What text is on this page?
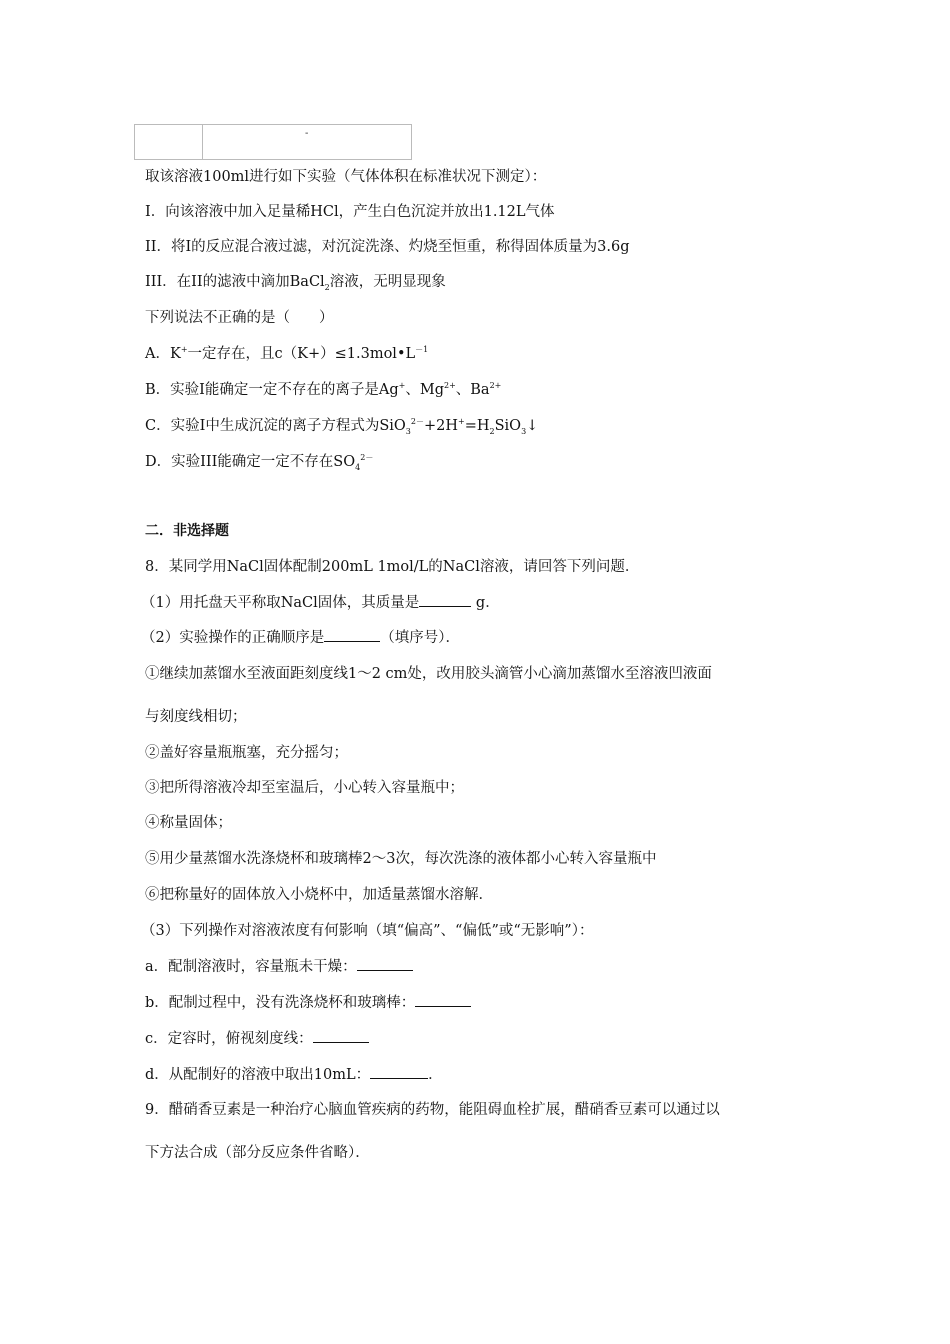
-
取该溶液100ml进行如下实验（气体体积在标准状况下测定）：
I．向该溶液中加入足量稀HCl，产生白色沉淀并放出1.12L气体
II．将I的反应混合液过滤，对沉淀洗涤、灼烧至恒重，称得固体质量为3.6g
III．在II的滤液中滴加BaCl$_2$溶液，无明显现象
下列说法不正确的是（　　）
A．K+一定存在，且$c(K+)\le 1.3mol•L^{-1}$
B．实验I能确定一定不存在的离子是Ag+、$Mg^{2+}$、$Ba^{2+}$
C．实验I中生成沉淀的离子方程式为$SiO_3^{2-}+2H^+=H_2SiO_3↓$
D．实验III能确定一定不存在$SO_4^{2-}$
二．非选择题
8．某同学用NaCl固体配制200mL 1mol/L的NaCl溶液，请回答下列问题．
（1）用托盘天平称取NaCl固体，其质量是	g．
（2）实验操作的正确顺序是	（填序号）．
①继续加蒸馏水至液面距刻度线1～2 cm处，改用胶头滴管小心滴加蒸馏水至溶液凹液面
与刻度线相切；
②盖好容量瓶瓶塞，充分摇匀；
③把所得溶液冷却至室温后，小心转入容量瓶中；
④称量固体；
⑤用少量蒸馏水洗涤烧杯和玻璃棒2～3次，每次洗涤的液体都小心转入容量瓶中
⑥把称量好的固体放入小烧杯中，加适量蒸馏水溶解．
（3）下列操作对溶液浓度有何影响（填“偏高”、“偏低”或“无影响”）：
a．配制溶液时，容量瓶未干燥：
b．配制过程中，没有洗涤烧杯和玻璃棒：
c．定容时，俯视刻度线：
d．从配制好的溶液中取出10mL：	．
9．醋硝香豆素是一种治疗心脑血管疾病的药物，能阻碍血栓扩展，醋硝香豆素可以通过以
下方法合成（部分反应条件省略）．
